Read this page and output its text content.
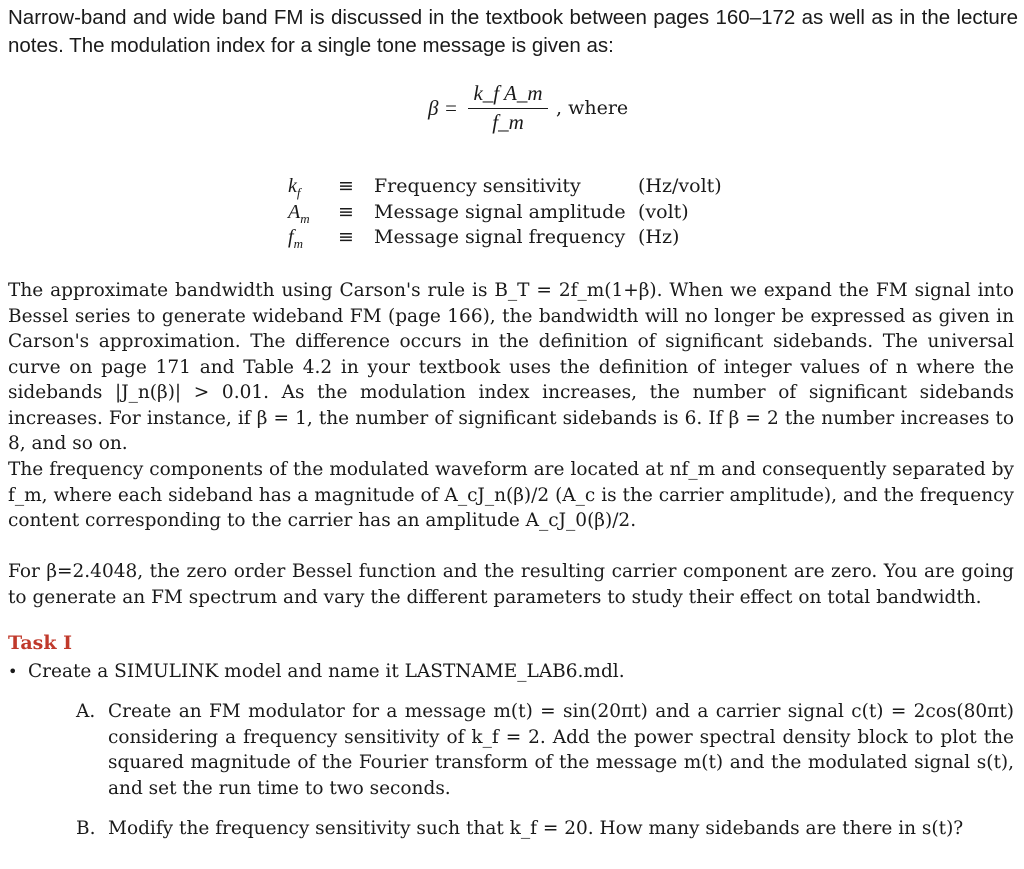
Narrow-band and wide band FM is discussed in the textbook between pages 160–172 as well as in the lecture notes. The modulation index for a single tone message is given as:
β =
k_f A_m
f_m
, where
$k_f$	≡	Frequency sensitivity	(Hz/volt)
$A_m$	≡	Message signal amplitude (volt)
$f_m$	≡	Message signal frequency (Hz)

The approximate bandwidth using Carson's rule is B_T = 2f_m(1+β). When we expand the FM signal into Bessel series to generate wideband FM (page 166), the bandwidth will no longer be expressed as given in Carson's approximation. The difference occurs in the definition of significant sidebands. The universal curve on page 171 and Table 4.2 in your textbook uses the definition of integer values of n where the sidebands |J_n(β)| > 0.01. As the modulation index increases, the number of significant sidebands increases. For instance, if β = 1, the number of significant sidebands is 6. If β = 2 the number increases to 8, and so on.

The frequency components of the modulated waveform are located at nf_m and consequently separated by f_m, where each sideband has a magnitude of A_cJ_n(β)/2 (A_c is the carrier amplitude), and the frequency content corresponding to the carrier has an amplitude A_cJ_0(β)/2.

For β=2.4048, the zero order Bessel function and the resulting carrier component are zero. You are going to generate an FM spectrum and vary the different parameters to study their effect on total bandwidth.

Task I
• Create a SIMULINK model and name it LASTNAME_LAB6.mdl.
A. Create an FM modulator for a message m(t) = sin(20πt) and a carrier signal c(t) = 2cos(80πt) considering a frequency sensitivity of k_f = 2. Add the power spectral density block to plot the squared magnitude of the Fourier transform of the message m(t) and the modulated signal s(t), and set the run time to two seconds.
B. Modify the frequency sensitivity such that k_f = 20. How many sidebands are there in s(t)?
